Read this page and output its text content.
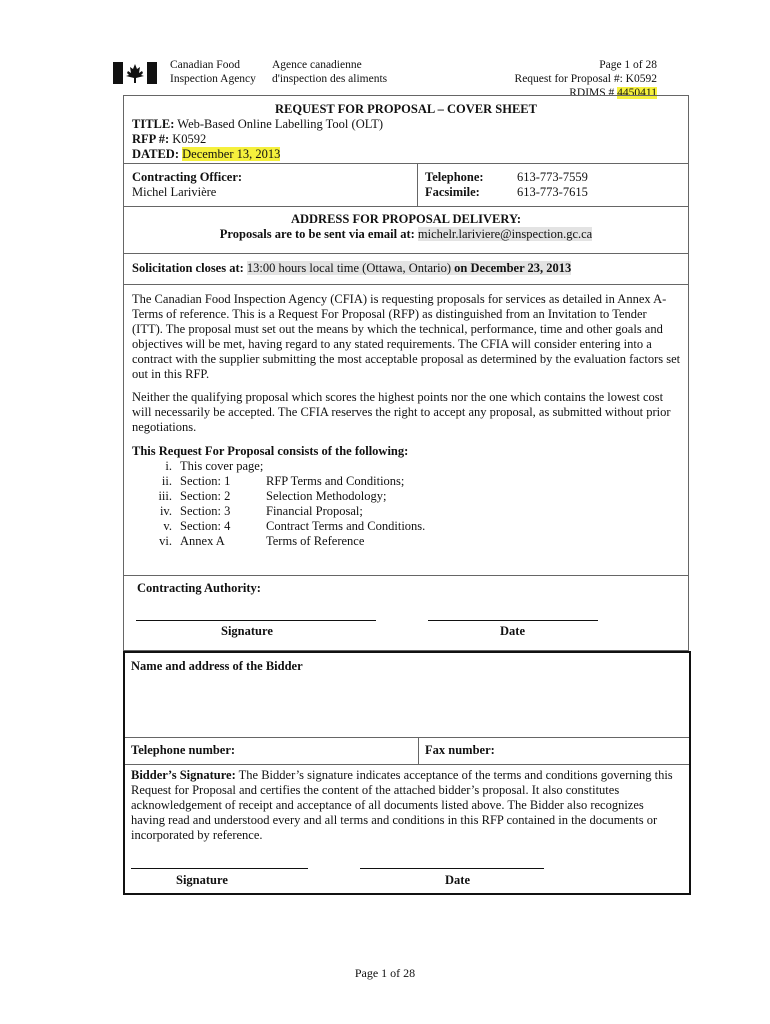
Canadian Food
Inspection Agency
Agence canadienne
d'inspection des aliments
Page 1 of 28
Request for Proposal #: K0592
RDIMS # 4450411
REQUEST FOR PROPOSAL – COVER SHEET
TITLE: Web-Based Online Labelling Tool (OLT)
RFP #: K0592
DATED: December 13, 2013
Contracting Officer:
Michel Larivière
Telephone:	613-773-7559
Facsimile:	613-773-7615
ADDRESS FOR PROPOSAL DELIVERY:
Proposals are to be sent via email at: michelr.lariviere@inspection.gc.ca
Solicitation closes at: 13:00 hours local time (Ottawa, Ontario) on December 23, 2013
The Canadian Food Inspection Agency (CFIA) is requesting proposals for services as detailed in Annex A-
Terms of reference. This is a Request For Proposal (RFP) as distinguished from an Invitation to Tender
(ITT). The proposal must set out the means by which the technical, performance, time and other goals and
objectives will be met, having regard to any stated requirements. The CFIA will consider entering into a
contract with the supplier submitting the most acceptable proposal as determined by the evaluation factors set
out in this RFP.
Neither the qualifying proposal which scores the highest points nor the one which contains the lowest cost
will necessarily be accepted. The CFIA reserves the right to accept any proposal, as submitted without prior
negotiations.
This Request For Proposal consists of the following:
i. This cover page;
ii. Section: 1	RFP Terms and Conditions;
iii. Section: 2	Selection Methodology;
iv. Section: 3	Financial Proposal;
v. Section: 4	Contract Terms and Conditions.
vi. Annex A	Terms of Reference
Contracting Authority:
Signature	Date
Name and address of the Bidder
Telephone number:	Fax number:
Bidder’s Signature: The Bidder’s signature indicates acceptance of the terms and conditions governing this
Request for Proposal and certifies the content of the attached bidder’s proposal. It also constitutes
acknowledgement of receipt and acceptance of all documents listed above. The Bidder also recognizes
having read and understood every and all terms and conditions in this RFP contained in the documents or
incorporated by reference.
Signature	Date
Page 1 of 28
